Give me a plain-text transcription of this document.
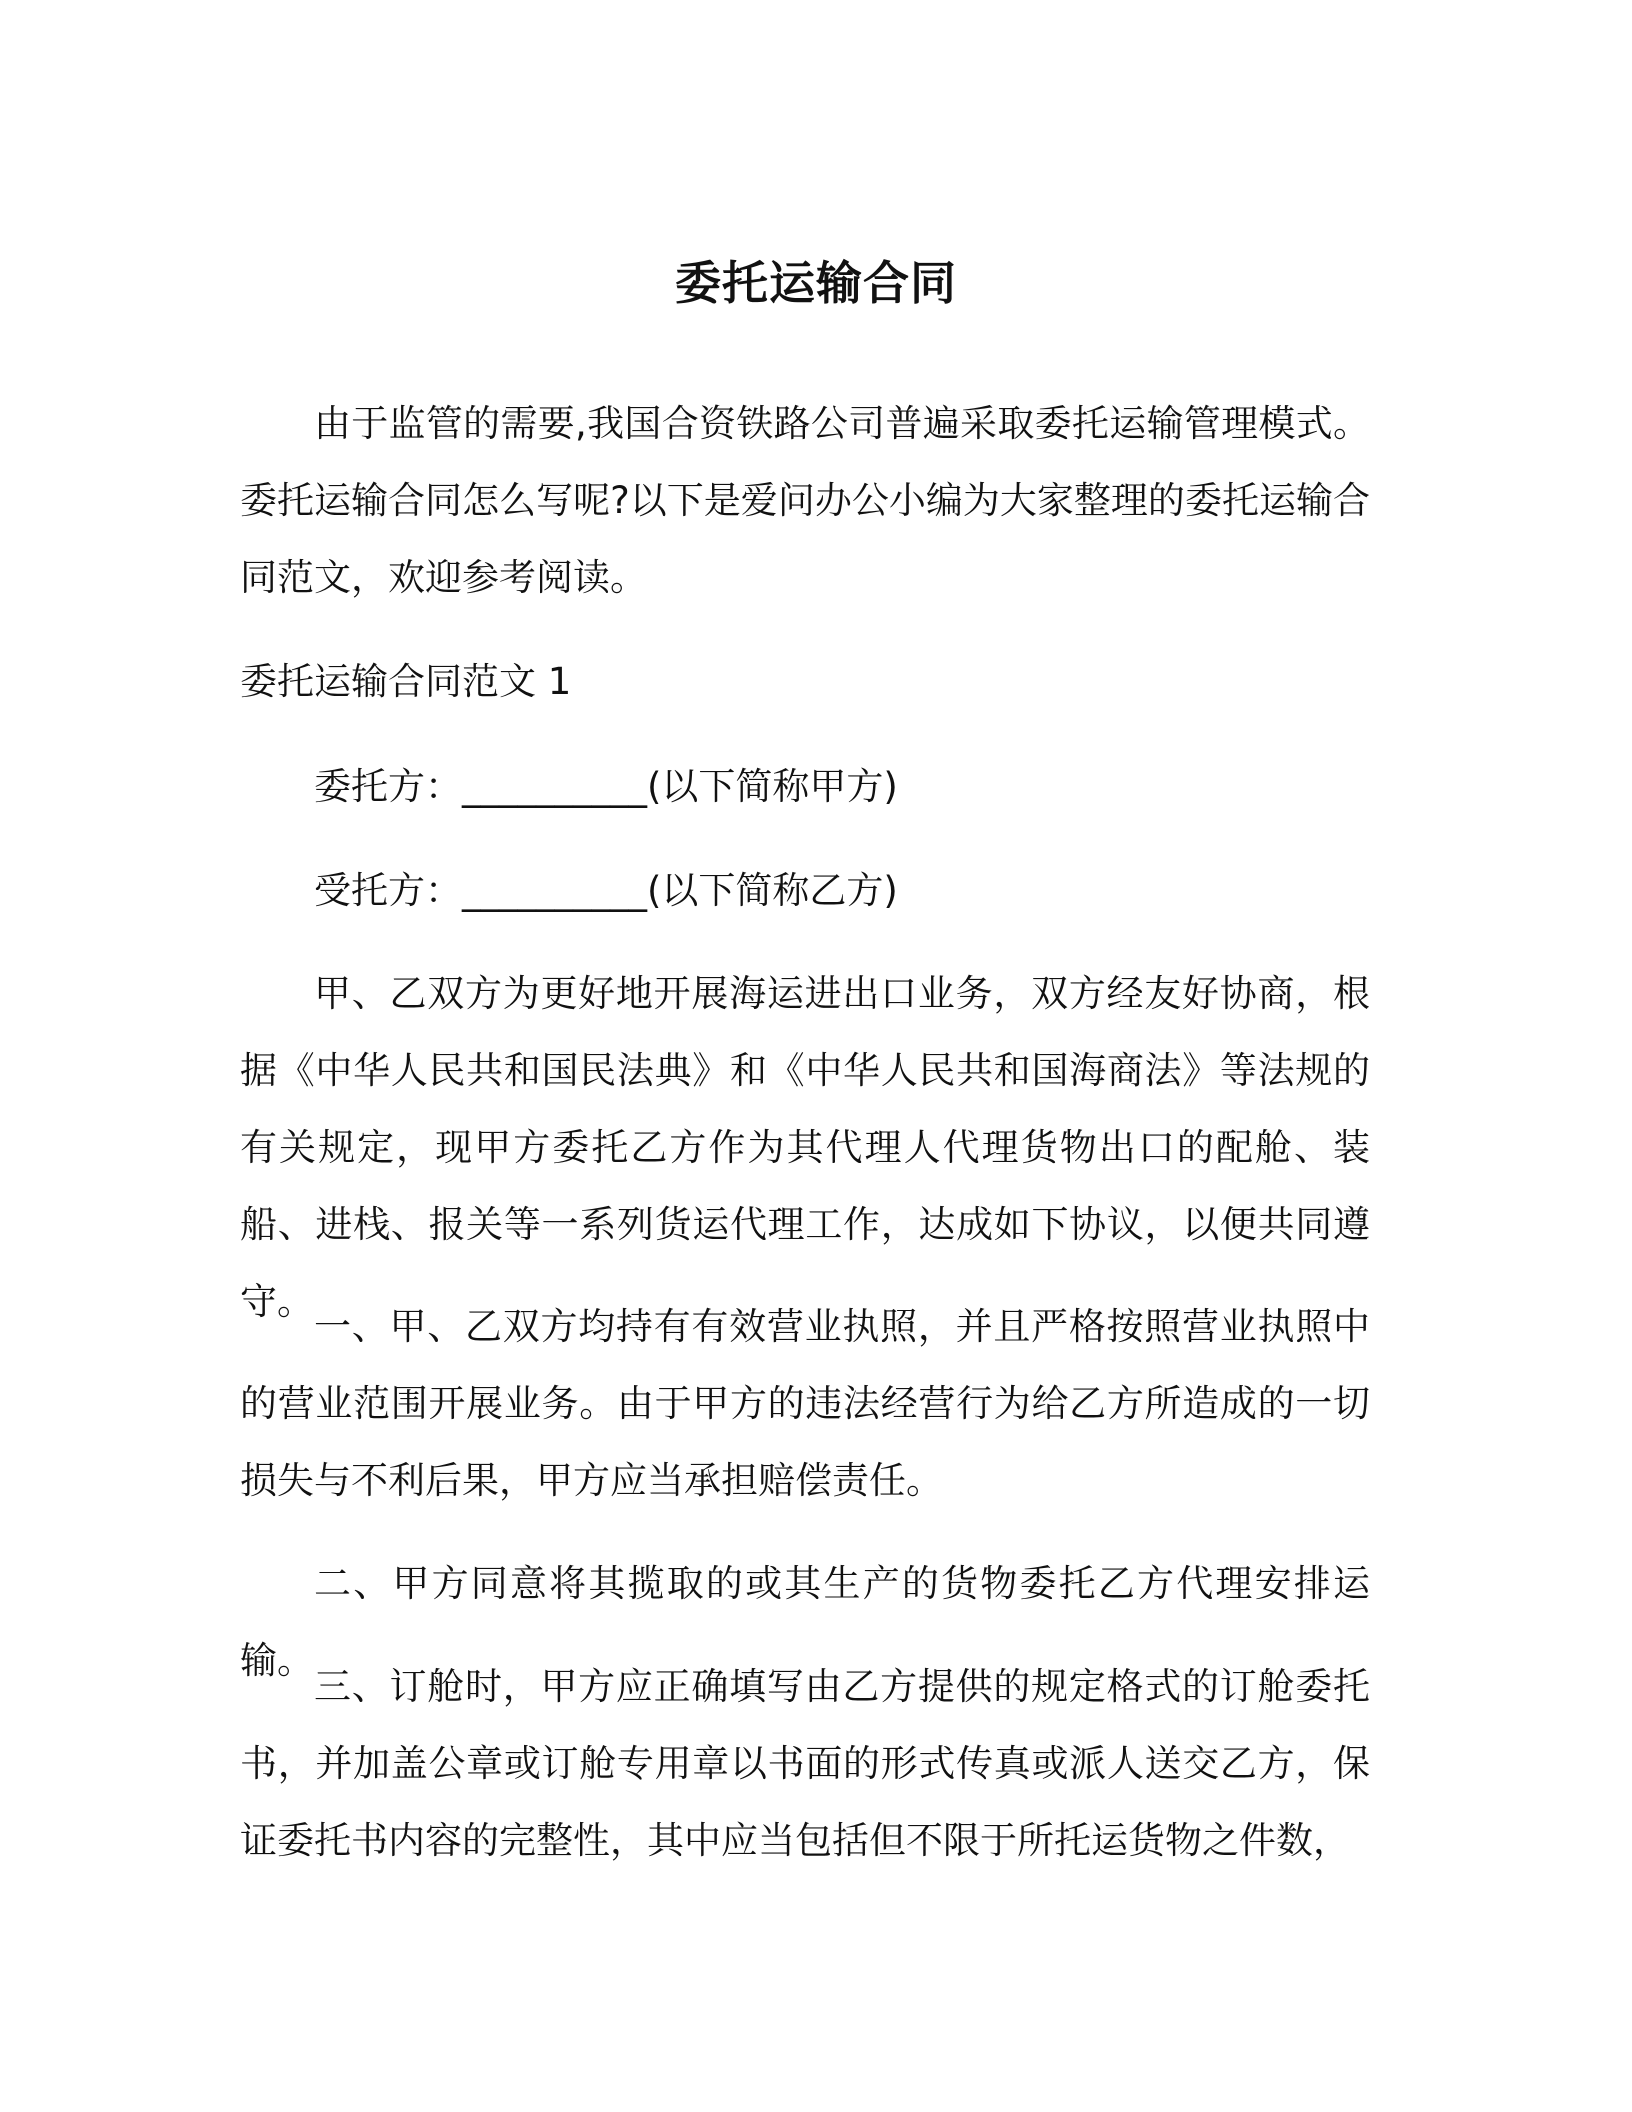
委托运输合同

由于监管的需要,我国合资铁路公司普遍采取委托运输管理模式。委托运输合同怎么写呢?以下是爱问办公小编为大家整理的委托运输合同范文，欢迎参考阅读。

委托运输合同范文 1

委托方：__________(以下简称甲方)

受托方：__________(以下简称乙方)

甲、乙双方为更好地开展海运进出口业务，双方经友好协商，根据《中华人民共和国民法典》和《中华人民共和国海商法》等法规的有关规定，现甲方委托乙方作为其代理人代理货物出口的配舱、装船、进栈、报关等一系列货运代理工作，达成如下协议，以便共同遵守。

一、甲、乙双方均持有有效营业执照，并且严格按照营业执照中的营业范围开展业务。由于甲方的违法经营行为给乙方所造成的一切损失与不利后果，甲方应当承担赔偿责任。

二、甲方同意将其揽取的或其生产的货物委托乙方代理安排运输。

三、订舱时，甲方应正确填写由乙方提供的规定格式的订舱委托书，并加盖公章或订舱专用章以书面的形式传真或派人送交乙方，保证委托书内容的完整性，其中应当包括但不限于所托运货物之件数，
